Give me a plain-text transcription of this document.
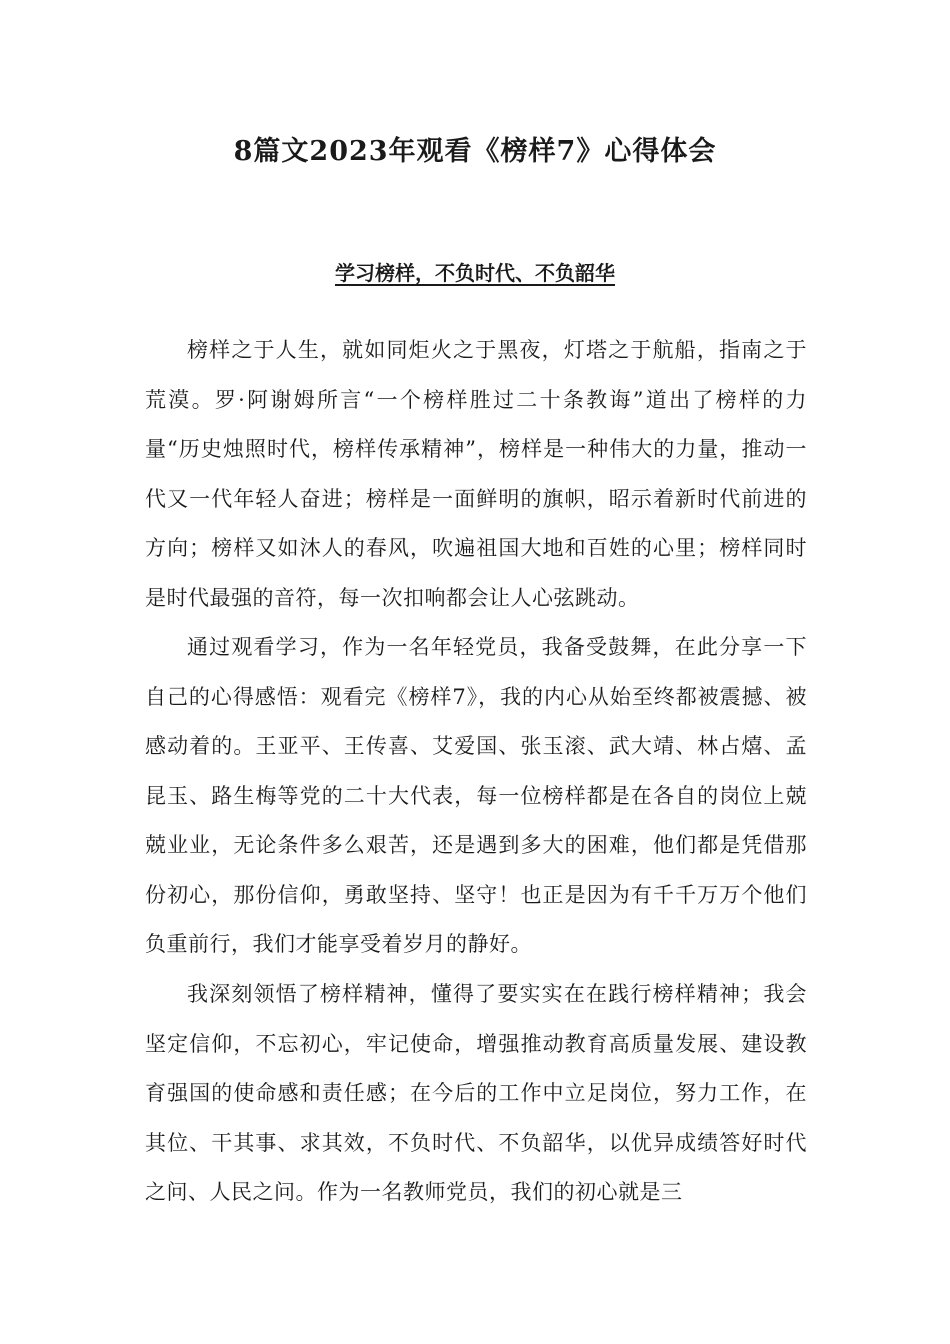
8篇文2023年观看《榜样7》心得体会
学习榜样，不负时代、不负韶华

榜样之于人生，就如同炬火之于黑夜，灯塔之于航船，指南之于荒漠。罗·阿谢姆所言“一个榜样胜过二十条教诲”道出了榜样的力量“历史烛照时代，榜样传承精神”，榜样是一种伟大的力量，推动一代又一代年轻人奋进；榜样是一面鲜明的旗帜，昭示着新时代前进的方向；榜样又如沐人的春风，吹遍祖国大地和百姓的心里；榜样同时是时代最强的音符，每一次扣响都会让人心弦跳动。

通过观看学习，作为一名年轻党员，我备受鼓舞，在此分享一下自己的心得感悟：观看完《榜样7》，我的内心从始至终都被震撼、被感动着的。王亚平、王传喜、艾爱国、张玉滚、武大靖、林占熺、孟昆玉、路生梅等党的二十大代表，每一位榜样都是在各自的岗位上兢兢业业，无论条件多么艰苦，还是遇到多大的困难，他们都是凭借那份初心，那份信仰，勇敢坚持、坚守！也正是因为有千千万万个他们负重前行，我们才能享受着岁月的静好。

我深刻领悟了榜样精神，懂得了要实实在在践行榜样精神；我会坚定信仰，不忘初心，牢记使命，增强推动教育高质量发展、建设教育强国的使命感和责任感；在今后的工作中立足岗位，努力工作，在其位、干其事、求其效，不负时代、不负韶华，以优异成绩答好时代之问、人民之问。作为一名教师党员，我们的初心就是三
